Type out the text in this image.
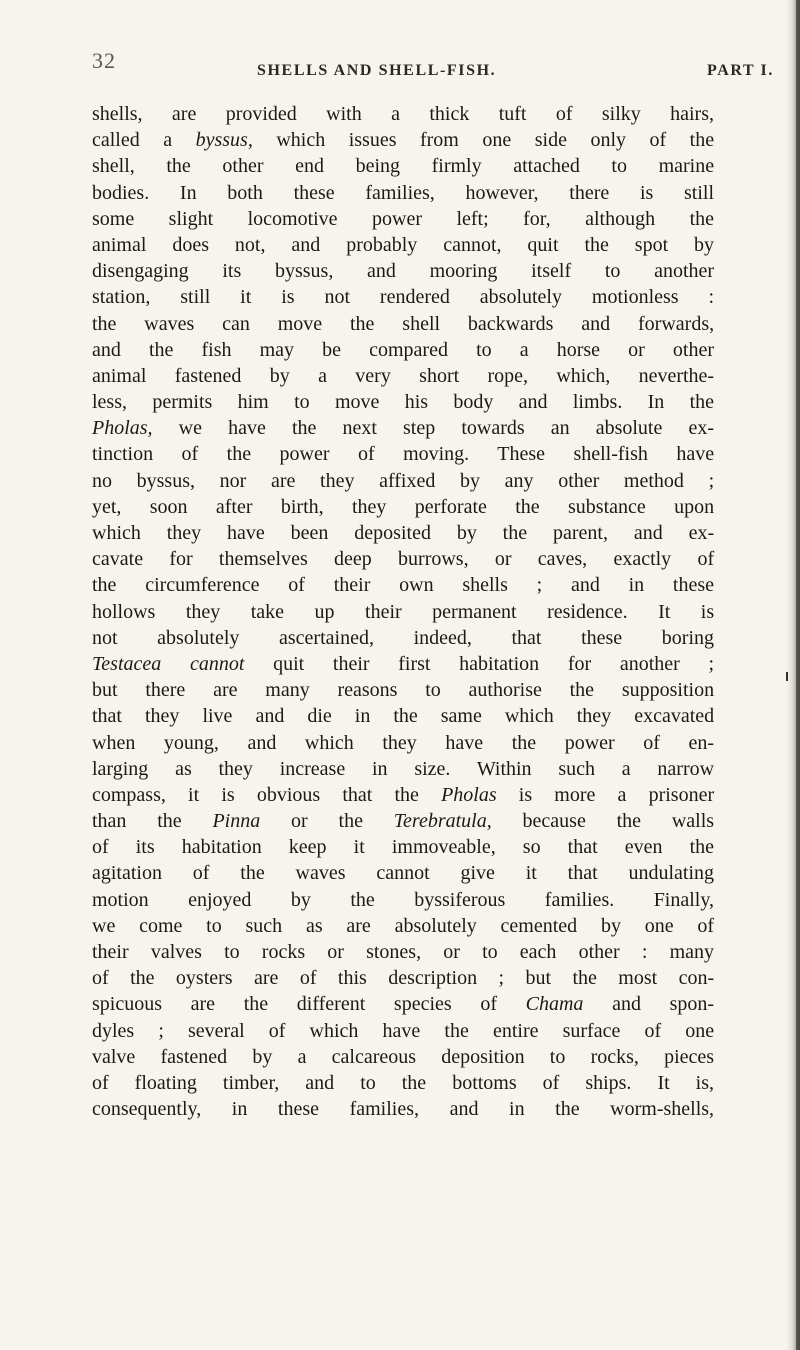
32	SHELLS AND SHELL-FISH.	PART I.
shells, are provided with a thick tuft of silky hairs,
called a byssus, which issues from one side only of the
shell, the other end being firmly attached to marine
bodies. In both these families, however, there is still
some slight locomotive power left; for, although the
animal does not, and probably cannot, quit the spot by
disengaging its byssus, and mooring itself to another
station, still it is not rendered absolutely motionless :
the waves can move the shell backwards and forwards,
and the fish may be compared to a horse or other
animal fastened by a very short rope, which, neverthe-
less, permits him to move his body and limbs. In the
Pholas, we have the next step towards an absolute ex-
tinction of the power of moving. These shell-fish have
no byssus, nor are they affixed by any other method ;
yet, soon after birth, they perforate the substance upon
which they have been deposited by the parent, and ex-
cavate for themselves deep burrows, or caves, exactly of
the circumference of their own shells ; and in these
hollows they take up their permanent residence. It is
not absolutely ascertained, indeed, that these boring
Testacea cannot quit their first habitation for another ;
but there are many reasons to authorise the supposition
that they live and die in the same which they excavated
when young, and which they have the power of en-
larging as they increase in size. Within such a narrow
compass, it is obvious that the Pholas is more a prisoner
than the Pinna or the Terebratula, because the walls
of its habitation keep it immoveable, so that even the
agitation of the waves cannot give it that undulating
motion enjoyed by the byssiferous families. Finally,
we come to such as are absolutely cemented by one of
their valves to rocks or stones, or to each other : many
of the oysters are of this description ; but the most con-
spicuous are the different species of Chama and spon-
dyles ; several of which have the entire surface of one
valve fastened by a calcareous deposition to rocks, pieces
of floating timber, and to the bottoms of ships. It is,
consequently, in these families, and in the worm-shells,
